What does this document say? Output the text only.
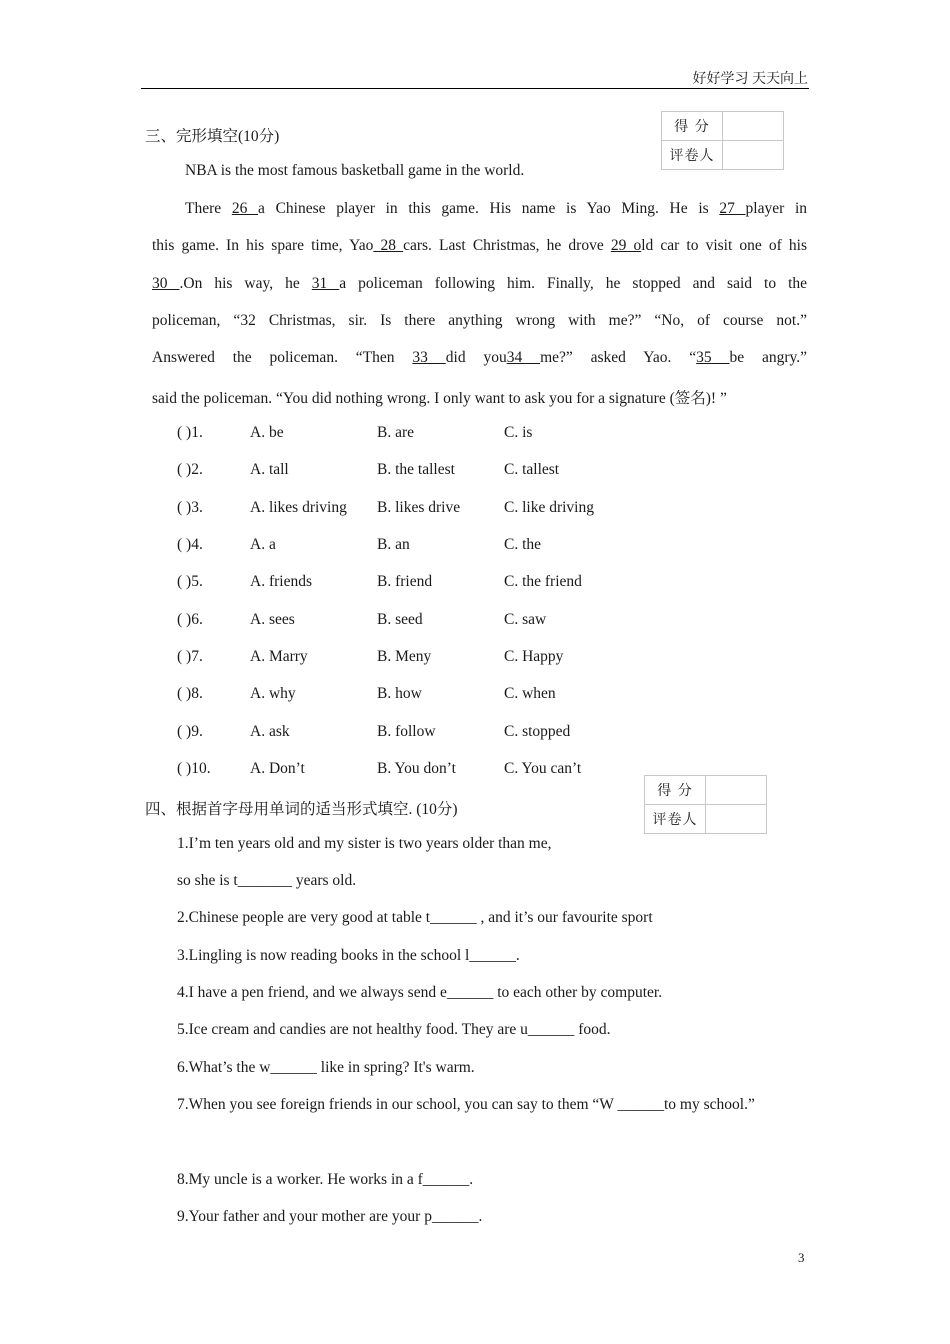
好好学习 天天向上
得 分	
评卷人	
三、完形填空(10分)
NBA is the most famous basketball game in the world.
There 26 a Chinese player in this game. His name is Yao Ming. He is 27 player in
this game. In his spare time, Yao 28 cars. Last Christmas, he drove 29 old car to visit one of his
30 .On his way, he 31 a policeman following him. Finally, he stopped and said to the
policeman, “32 Christmas, sir. Is there anything wrong with me?” “No, of course not.”
Answered the policeman. “Then 33 did you34 me?” asked Yao. “35 be angry.”
said the policeman. “You did nothing wrong. I only want to ask you for a signature (签名)! ”
( )1.	A. be	B. are	C. is
( )2.	A. tall	B. the tallest	C. tallest
( )3.	A. likes driving B. likes drive	C. like driving
( )4.	A. a	B. an	C. the
( )5.	A. friends	B. friend	C. the friend
( )6.	A. sees	B. seed	C. saw
( )7.	A. Marry	B. Meny	C. Happy
( )8.	A. why	B. how	C. when
( )9.	A. ask	B. follow	C. stopped
( )10.	A. Don’t	B. You don’t	C. You can’t
得 分	
评卷人	
四、根据首字母用单词的适当形式填空. (10分)
1.I’m ten years old and my sister is two years older than me,
so she is t_______ years old.
2.Chinese people are very good at table t______ , and it’s our favourite sport
3.Lingling is now reading books in the school l______.
4.I have a pen friend, and we always send e______ to each other by computer.
5.Ice cream and candies are not healthy food. They are u______ food.
6.What’s the w______ like in spring? It's warm.
7.When you see foreign friends in our school, you can say to them “W ______to my school.”
8.My uncle is a worker. He works in a f______.
9.Your father and your mother are your p______.
3
